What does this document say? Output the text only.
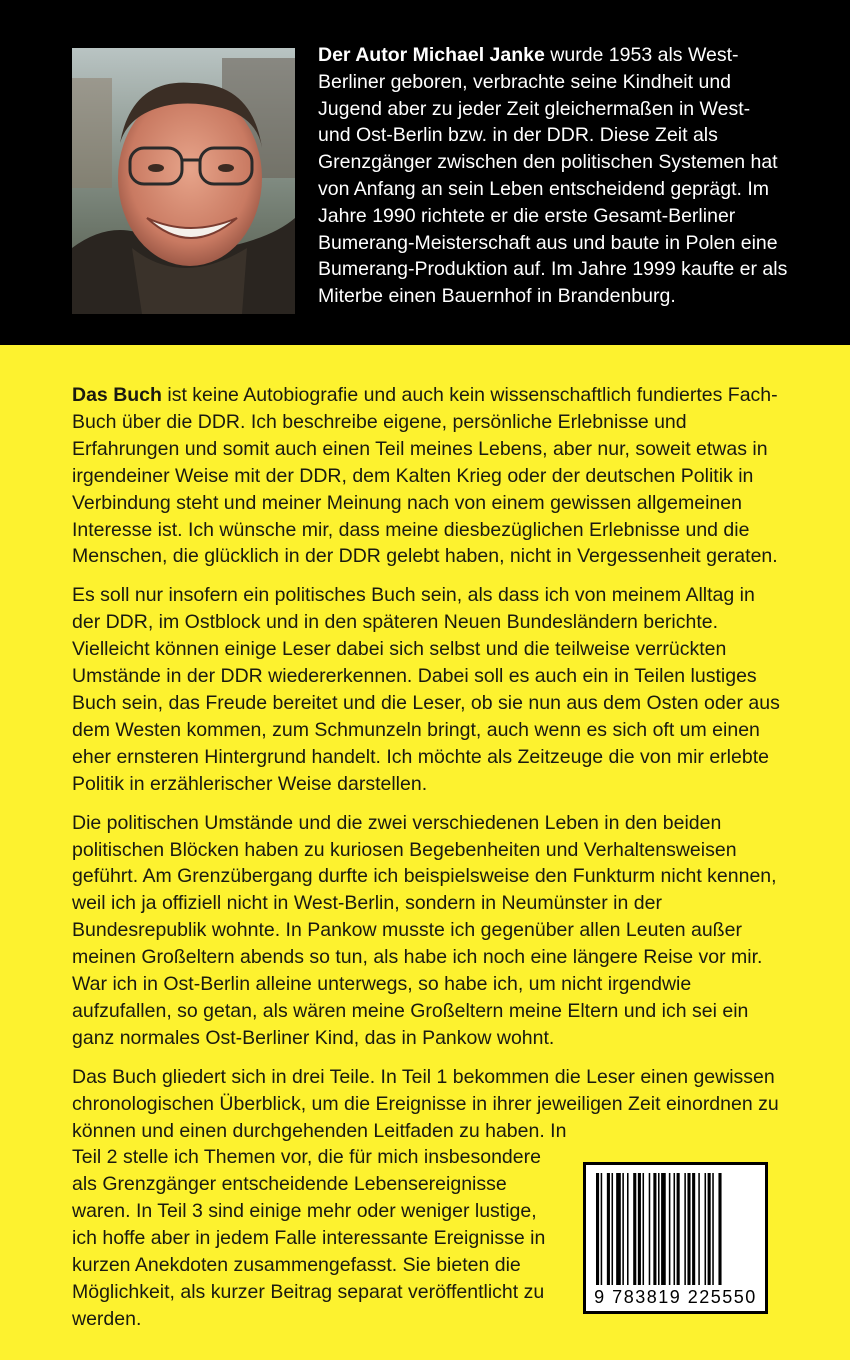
Der Autor Michael Janke wurde 1953 als West-Berliner geboren, verbrachte seine Kindheit und Jugend aber zu jeder Zeit gleichermaßen in West- und Ost-Berlin bzw. in der DDR. Diese Zeit als Grenzgänger zwischen den politischen Systemen hat von Anfang an sein Leben entscheidend geprägt. Im Jahre 1990 richtete er die erste Gesamt-Berliner Bumerang-Meisterschaft aus und baute in Polen eine Bumerang-Produktion auf. Im Jahre 1999 kaufte er als Miterbe einen Bauernhof in Brandenburg.

Das Buch ist keine Autobiografie und auch kein wissenschaftlich fundiertes Fach-Buch über die DDR. Ich beschreibe eigene, persönliche Erlebnisse und Erfahrungen und somit auch einen Teil meines Lebens, aber nur, soweit etwas in irgendeiner Weise mit der DDR, dem Kalten Krieg oder der deutschen Politik in Verbindung steht und meiner Meinung nach von einem gewissen allgemeinen Interesse ist. Ich wünsche mir, dass meine diesbezüglichen Erlebnisse und die Menschen, die glücklich in der DDR gelebt haben, nicht in Vergessenheit geraten.

Es soll nur insofern ein politisches Buch sein, als dass ich von meinem Alltag in der DDR, im Ostblock und in den späteren Neuen Bundesländern berichte. Vielleicht können einige Leser dabei sich selbst und die teilweise verrückten Umstände in der DDR wiedererkennen. Dabei soll es auch ein in Teilen lustiges Buch sein, das Freude bereitet und die Leser, ob sie nun aus dem Osten oder aus dem Westen kommen, zum Schmunzeln bringt, auch wenn es sich oft um einen eher ernsteren Hintergrund handelt. Ich möchte als Zeitzeuge die von mir erlebte Politik in erzählerischer Weise darstellen.

Die politischen Umstände und die zwei verschiedenen Leben in den beiden politischen Blöcken haben zu kuriosen Begebenheiten und Verhaltensweisen geführt. Am Grenzübergang durfte ich beispielsweise den Funkturm nicht kennen, weil ich ja offiziell nicht in West-Berlin, sondern in Neumünster in der Bundesrepublik wohnte. In Pankow musste ich gegenüber allen Leuten außer meinen Großeltern abends so tun, als habe ich noch eine längere Reise vor mir. War ich in Ost-Berlin alleine unterwegs, so habe ich, um nicht irgendwie aufzufallen, so getan, als wären meine Großeltern meine Eltern und ich sei ein ganz normales Ost-Berliner Kind, das in Pankow wohnt.

Das Buch gliedert sich in drei Teile. In Teil 1 bekommen die Leser einen gewissen chronologischen Überblick, um die Ereignisse in ihrer jeweiligen Zeit einordnen zu können und einen durchgehenden Leitfaden zu haben. In
Teil 2 stelle ich Themen vor, die für mich insbesondere als Grenzgänger entscheidende Lebensereignisse waren. In Teil 3 sind einige mehr oder weniger lustige, ich hoffe aber in jedem Falle interessante Ereignisse in kurzen Anekdoten zusammengefasst. Sie bieten die Möglichkeit, als kurzer Beitrag separat veröffentlicht zu werden.

9 783819 225550
